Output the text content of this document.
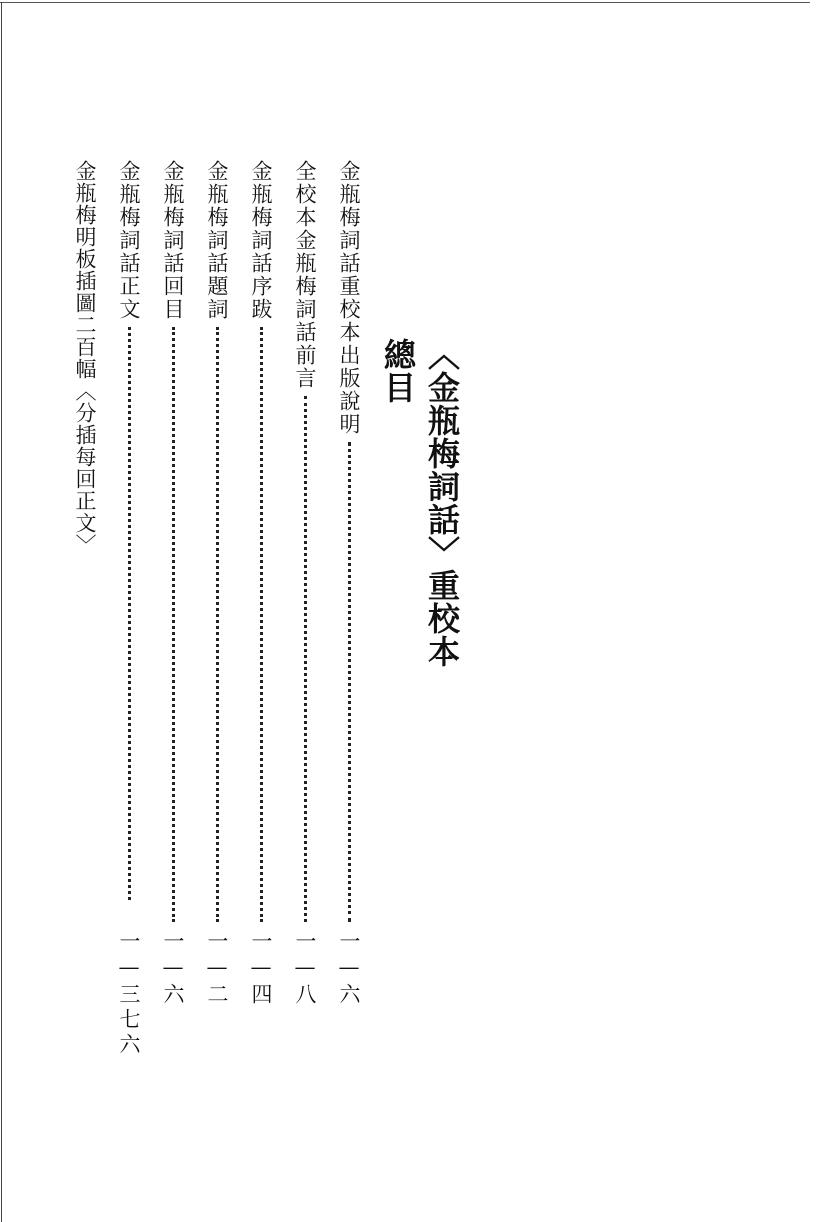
〈金瓶梅詞話〉重校本總目
金瓶梅詞話重校本出版說明
一—六
全校本金瓶梅詞話前言
一—八
金瓶梅詞話序跋
一—四
金瓶梅詞話題詞
一—二
金瓶梅詞話回目
一—六
金瓶梅詞話正文
一—三七六
金瓶梅明板插圖二百幅〈分插每回正文〉
